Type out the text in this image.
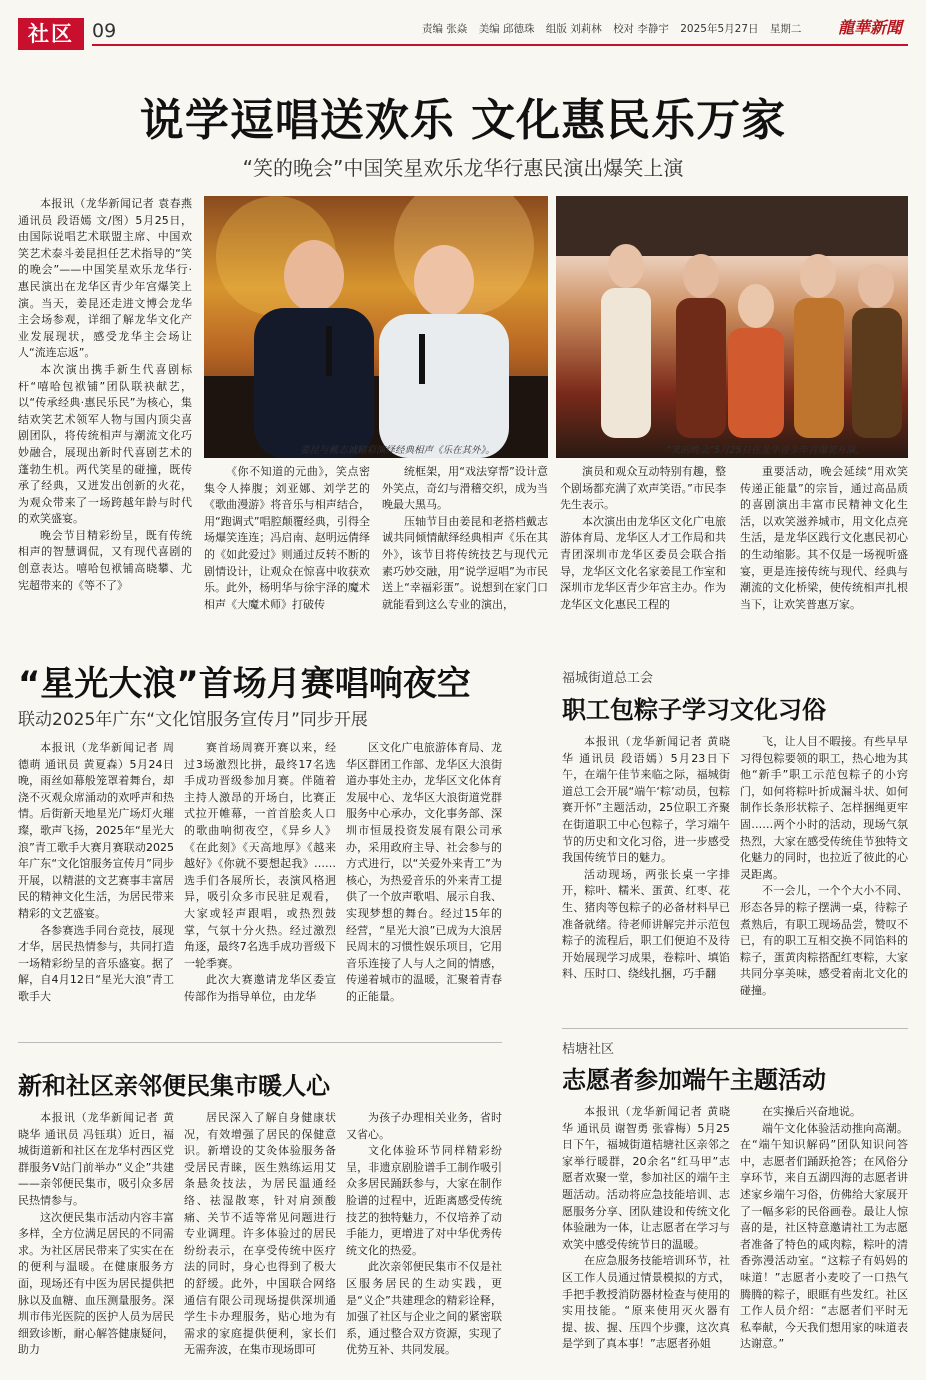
社区 09	责编 张焱 美编 邱德珠 组版 刘莉林 校对 李静宇 2025年5月27日 星期二	龍華新聞
说学逗唱送欢乐 文化惠民乐万家
“笑的晚会”中国笑星欢乐龙华行惠民演出爆笑上演

本报讯（龙华新闻记者 袁春燕 通讯员 段语嫣 文/图）5月25日，由国际说唱艺术联盟主席、中国欢笑艺术泰斗姜昆担任艺术指导的“笑的晚会”——中国笑星欢乐龙华行·惠民演出在龙华区青少年宫爆笑上演。当天，姜昆还走进文博会龙华主会场参观，详细了解龙华文化产业发展现状，感受龙华主会场让人“流连忘返”。

本次演出携手新生代喜剧标杆“嘻哈包袱铺”团队联袂献艺，以“传承经典·惠民乐民”为核心，集结欢笑艺术领军人物与国内顶尖喜剧团队，将传统相声与潮流文化巧妙融合，展现出新时代喜剧艺术的蓬勃生机。两代笑星的碰撞，既传承了经典，又迸发出创新的火花，为观众带来了一场跨越年龄与时代的欢笑盛宴。

晚会节目精彩纷呈，既有传统相声的智慧调侃，又有现代喜剧的创意表达。嘻哈包袱铺高晓攀、尤宪超带来的《等不了》

姜昆与戴志诚精彩演绎经典相声《乐在其外》。	“笑的晚会”5月25日在龙华青少年宫爆笑开演。

《你不知道的元曲》，笑点密集令人捧腹；刘亚娜、刘学艺的《歌曲漫游》将音乐与相声结合，用“跑调式”唱腔颠覆经典，引得全场爆笑连连；冯启南、赵明远倩绎的《如此爱过》则通过反转不断的剧情设计，让观众在惊喜中收获欢乐。此外，杨明华与徐宇泽的魔术相声《大魔术师》打破传

统框架，用“戏法穿帮”设计意外笑点，奇幻与滑稽交织，成为当晚最大黑马。

压轴节目由姜昆和老搭档戴志诚共同倾情献绎经典相声《乐在其外》，该节目将传统技艺与现代元素巧妙交融，用“说学逗唱”为市民送上“幸福彩蛋”。说想到在家门口就能看到这么专业的演出，

演员和观众互动特别有趣，整个剧场都充满了欢声笑语。”市民李先生表示。

本次演出由龙华区文化广电旅游体育局、龙华区人才工作局和共青团深圳市龙华区委员会联合指导，龙华区文化名家姜昆工作室和深圳市龙华区青少年宫主办。作为龙华区文化惠民工程的

重要活动，晚会延续“用欢笑传递正能量”的宗旨，通过高品质的喜剧演出丰富市民精神文化生活，以欢笑滋养城市，用文化点亮生活，是龙华区践行文化惠民初心的生动缩影。其不仅是一场视听盛宴，更是连接传统与现代、经典与潮流的文化桥梁，使传统相声扎根当下，让欢笑普惠万家。

“星光大浪”首场月赛唱响夜空
联动2025年广东“文化馆服务宣传月”同步开展

本报讯（龙华新闻记者 周德萌 通讯员 黄夏森）5月24日晚，雨丝如幕般笼罩着舞台，却浇不灭观众席涌动的欢呼声和热情。后街新天地星光广场灯火璀璨，歌声飞扬，2025年“星光大浪”青工歌手大赛月赛联动2025年广东“文化馆服务宣传月”同步开展，以精湛的文艺赛事丰富居民的精神文化生活，为居民带来精彩的文艺盛宴。

各参赛选手同台竞技，展现才华，居民热情参与，共同打造一场精彩纷呈的音乐盛宴。据了解，自4月12日“星光大浪”青工歌手大

赛首场周赛开赛以来，经过3场激烈比拼，最终17名选手成功晋级参加月赛。伴随着主持人激昂的开场白，比赛正式拉开帷幕，一首首脍炙人口的歌曲响彻夜空，《异乡人》《在此刻》《天高地厚》《越来越好》《你就不要想起我》……选手们各展所长，表演风格迥异，吸引众多市民驻足观看，大家或轻声跟唱，或热烈鼓掌，气氛十分火热。经过激烈角逐，最终7名选手成功晋级下一轮季赛。

此次大赛邀请龙华区委宣传部作为指导单位，由龙华

区文化广电旅游体育局、龙华区群团工作部、龙华区大浪街道办事处主办，龙华区文化体育发展中心、龙华区大浪街道党群服务中心承办，文化事务部、深圳市恒晟投资发展有限公司承办，采用政府主导、社会参与的方式进行，以“关爱外来青工”为核心，为热爱音乐的外来青工提供了一个放声歌唱、展示自我、实现梦想的舞台。经过15年的经营，“星光大浪”已成为大浪居民周末的习惯性娱乐项目，它用音乐连接了人与人之间的情感，传递着城市的温暖，汇聚着青春的正能量。

福城街道总工会
职工包粽子学习文化习俗

本报讯（龙华新闻记者 黄晓华 通讯员 段语嫣）5月23日下午，在端午佳节来临之际，福城街道总工会开展“端午‘粽’动员，包粽赛开怀”主题活动，25位职工齐聚在街道职工中心包粽子，学习端午节的历史和文化习俗，进一步感受我国传统节日的魅力。

活动现场，两张长桌一字排开，粽叶、糯米、蛋黄、红枣、花生、猪肉等包粽子的必备材料早已准备就绪。待老师讲解完并示范包粽子的流程后，职工们便迫不及待开始展现学习成果，卷粽叶、填馅料、压时口、绕线扎捆，巧手翻

飞，让人目不暇接。有些早早习得包粽要领的职工，热心地为其他“新手”职工示范包粽子的小窍门，如何将粽叶折成漏斗状、如何制作长条形状粽子、怎样捆绳更牢固……两个小时的活动，现场气氛热烈，大家在感受传统佳节独特文化魅力的同时，也拉近了彼此的心灵距离。

不一会儿，一个个大小不同、形态各异的粽子摆满一桌，待粽子煮熟后，有职工现场品尝，赞叹不已，有的职工互相交换不同馅料的粽子，蛋黄肉粽搭配红枣粽，大家共同分享美味，感受着南北文化的碰撞。

新和社区亲邻便民集市暖人心

本报讯（龙华新闻记者 黄晓华 通讯员 冯钰琪）近日，福城街道新和社区在龙华村西区党群服务V站门前举办“义企”共建——亲邻便民集市，吸引众多居民热情参与。

这次便民集市活动内容丰富多样，全方位满足居民的不同需求。为社区居民带来了实实在在的便利与温暖。在健康服务方面，现场还有中医为居民提供把脉以及血糖、血压测量服务。深圳市伟光医院的医护人员为居民细致诊断，耐心解答健康疑问，助力

居民深入了解自身健康状况，有效增强了居民的保健意识。新增设的艾灸体验服务备受居民青睐，医生熟练运用艾条悬灸技法，为居民温通经络、祛湿散寒，针对肩颈酸痛、关节不适等常见问题进行专业调理。许多体验过的居民纷纷表示，在享受传统中医疗法的同时，身心也得到了极大的舒缓。此外，中国联合网络通信有限公司现场提供深圳通学生卡办理服务，贴心地为有需求的家庭提供便利，家长们无需奔波，在集市现场即可

为孩子办理相关业务，省时又省心。

文化体验环节同样精彩纷呈，非遗京剧脸谱手工制作吸引众多居民踊跃参与，大家在制作脸谱的过程中，近距离感受传统技艺的独特魅力，不仅培养了动手能力，更增进了对中华优秀传统文化的热爱。

此次亲邻便民集市不仅是社区服务居民的生动实践，更是“义企”共建理念的精彩诠释，加强了社区与企业之间的紧密联系，通过整合双方资源，实现了优势互补、共同发展。

桔塘社区
志愿者参加端午主题活动

本报讯（龙华新闻记者 黄晓华 通讯员 谢智勇 张睿梅）5月25日下午，福城街道桔塘社区亲邻之家举行暖群，20余名“红马甲”志愿者欢聚一堂，参加社区的端午主题活动。活动将应急技能培训、志愿服务分享、团队建设和传统文化体验融为一体，让志愿者在学习与欢笑中感受传统节日的温暖。

在应急服务技能培训环节，社区工作人员通过情景模拟的方式，手把手教授消防器材检查与使用的实用技能。“原来使用灭火器有提、拔、握、压四个步骤，这次真是学到了真本事！”志愿者孙姐

在实操后兴奋地说。

端午文化体验活动推向高潮。在“端午知识解码”团队知识问答中，志愿者们踊跃抢答；在风俗分享环节，来自五湖四海的志愿者讲述家乡端午习俗，仿佛给大家展开了一幅多彩的民俗画卷。最让人惊喜的是，社区特意邀请社工为志愿者准备了特色的咸肉粽，粽叶的清香弥漫活动室。“这粽子有妈妈的味道！”志愿者小麦咬了一口热气腾腾的粽子，眼眶有些发红。社区工作人员介绍：“志愿者们平时无私奉献，今天我们想用家的味道表达谢意。”
